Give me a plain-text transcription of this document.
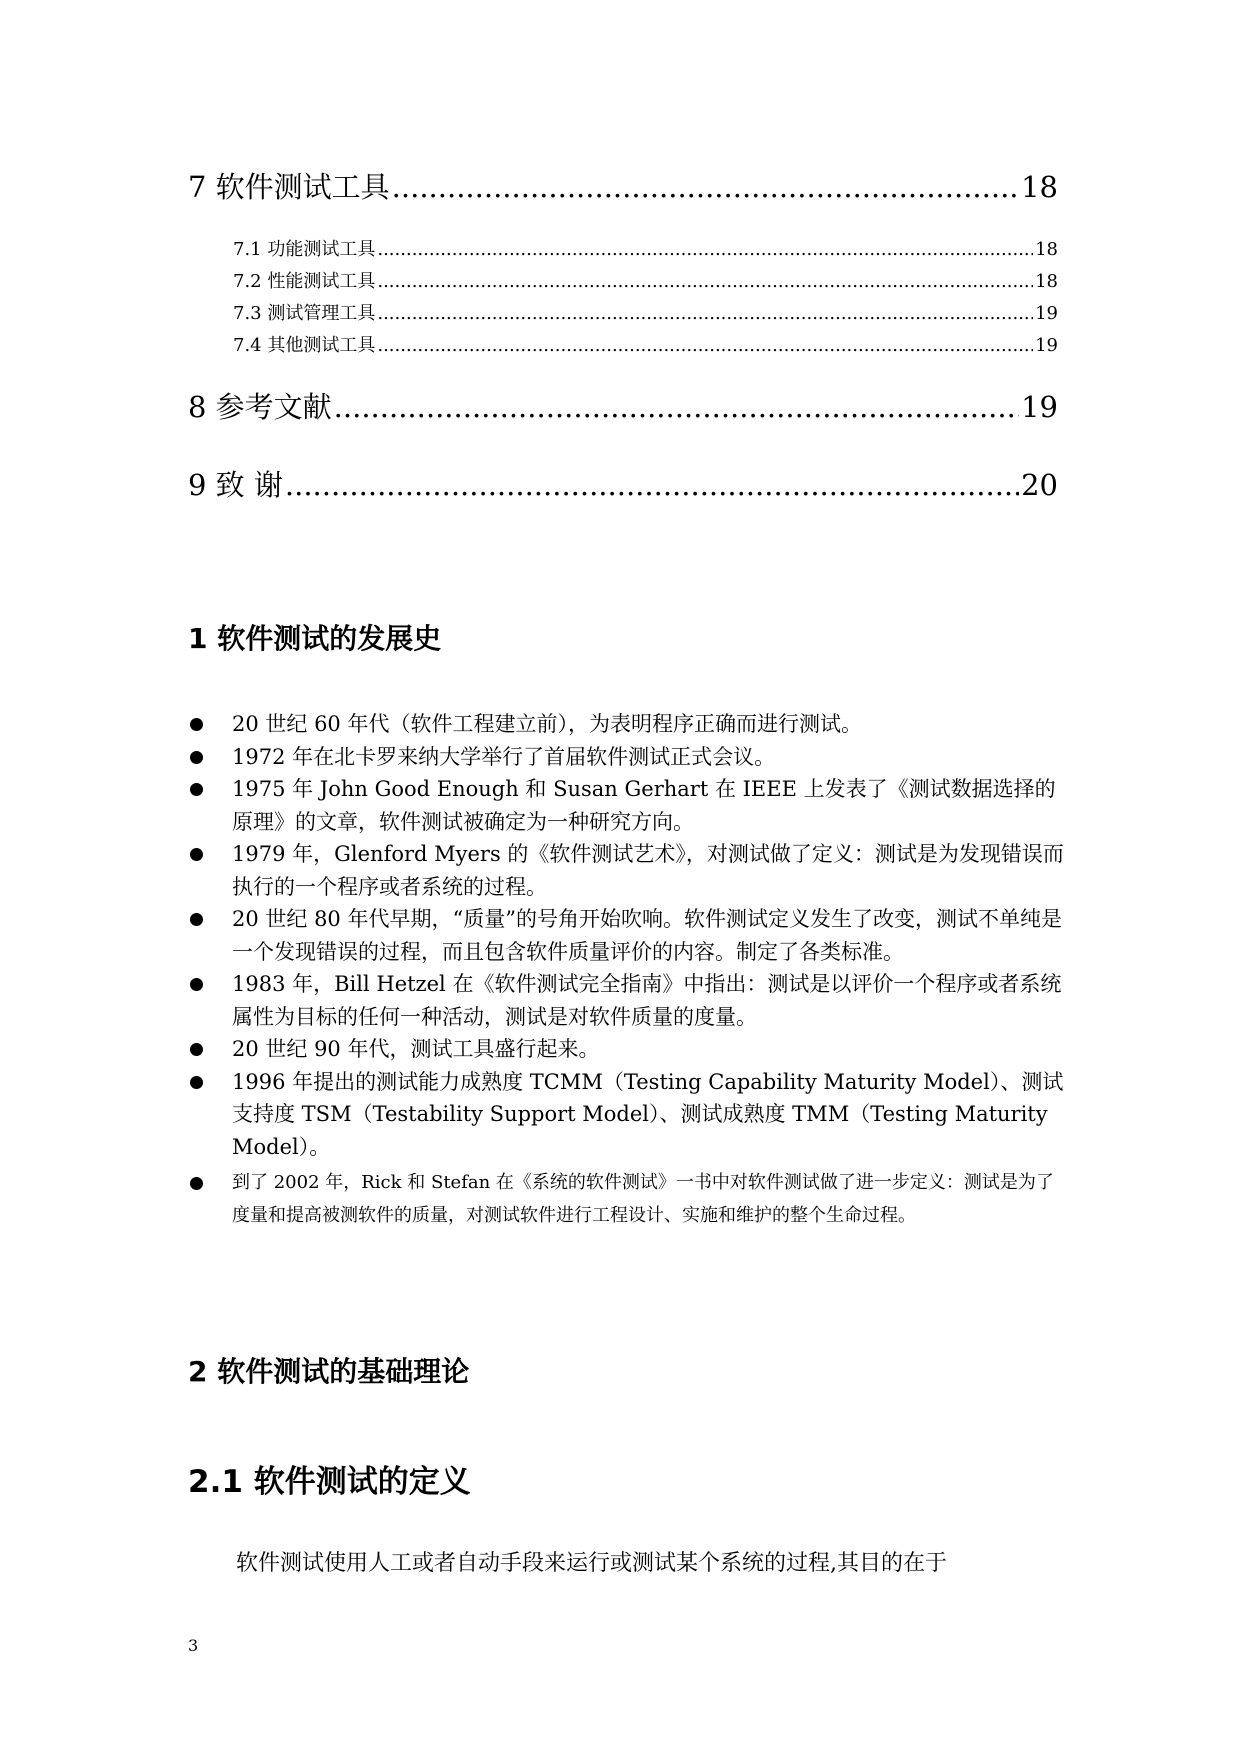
7 软件测试工具 .....	18
7.1 功能测试工具 .....	18
7.2 性能测试工具 .....	18
7.3 测试管理工具 .....	19
7.4 其他测试工具 .....	19
8 参考文献 .....	19
9 致 谢 .....	20
1 软件测试的发展史
20 世纪 60 年代（软件工程建立前），为表明程序正确而进行测试。
1972 年在北卡罗来纳大学举行了首届软件测试正式会议。
1975 年 John Good Enough 和 Susan Gerhart 在 IEEE 上发表了《测试数据选择的原理》的文章，软件测试被确定为一种研究方向。
1979 年，Glenford Myers 的《软件测试艺术》，对测试做了定义：测试是为发现错误而执行的一个程序或者系统的过程。
20 世纪 80 年代早期，“质量”的号角开始吹响。软件测试定义发生了改变，测试不单纯是一个发现错误的过程，而且包含软件质量评价的内容。制定了各类标准。
1983 年，Bill Hetzel 在《软件测试完全指南》中指出：测试是以评价一个程序或者系统属性为目标的任何一种活动，测试是对软件质量的度量。
20 世纪 90 年代，测试工具盛行起来。
1996 年提出的测试能力成熟度 TCMM（Testing Capability Maturity Model）、测试支持度 TSM（Testability Support Model）、测试成熟度 TMM（Testing Maturity Model）。
到了 2002 年，Rick 和 Stefan 在《系统的软件测试》一书中对软件测试做了进一步定义：测试是为了度量和提高被测软件的质量，对测试软件进行工程设计、实施和维护的整个生命过程。
2 软件测试的基础理论
2.1 软件测试的定义
软件测试使用人工或者自动手段来运行或测试某个系统的过程,其目的在于
3
